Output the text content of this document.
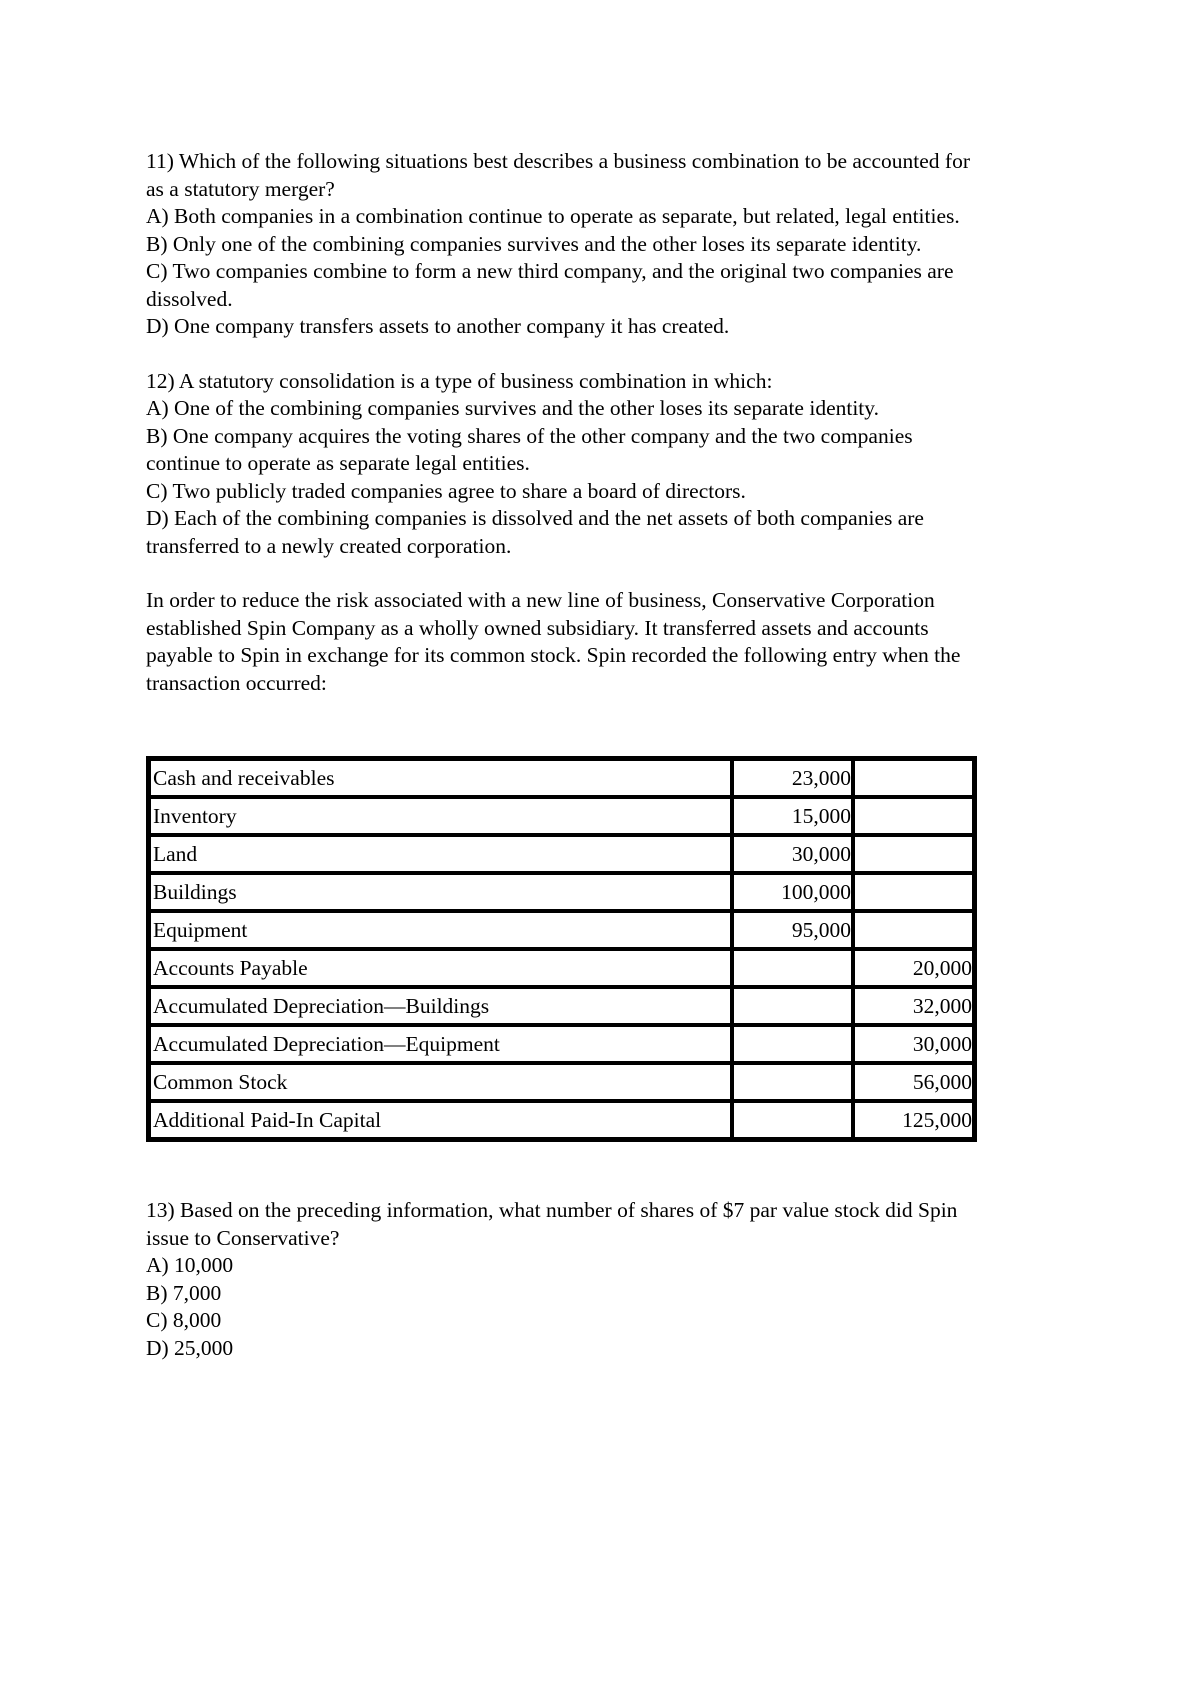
11) Which of the following situations best describes a business combination to be accounted for

as a statutory merger?

A) Both companies in a combination continue to operate as separate, but related, legal entities.

B) Only one of the combining companies survives and the other loses its separate identity.

C) Two companies combine to form a new third company, and the original two companies are

dissolved.

D) One company transfers assets to another company it has created.

12) A statutory consolidation is a type of business combination in which:

A) One of the combining companies survives and the other loses its separate identity.

B) One company acquires the voting shares of the other company and the two companies

continue to operate as separate legal entities.

C) Two publicly traded companies agree to share a board of directors.

D) Each of the combining companies is dissolved and the net assets of both companies are

transferred to a newly created corporation.

In order to reduce the risk associated with a new line of business, Conservative Corporation

established Spin Company as a wholly owned subsidiary. It transferred assets and accounts

payable to Spin in exchange for its common stock. Spin recorded the following entry when the

transaction occurred:

Cash and receivables	23,000	
Inventory	15,000	
Land	30,000	
Buildings	100,000	
Equipment	95,000	
Accounts Payable		20,000
Accumulated Depreciation—Buildings		32,000
Accumulated Depreciation—Equipment		30,000
Common Stock		56,000
Additional Paid-In Capital		125,000

13) Based on the preceding information, what number of shares of $7 par value stock did Spin

issue to Conservative?

A) 10,000

B) 7,000

C) 8,000

D) 25,000
